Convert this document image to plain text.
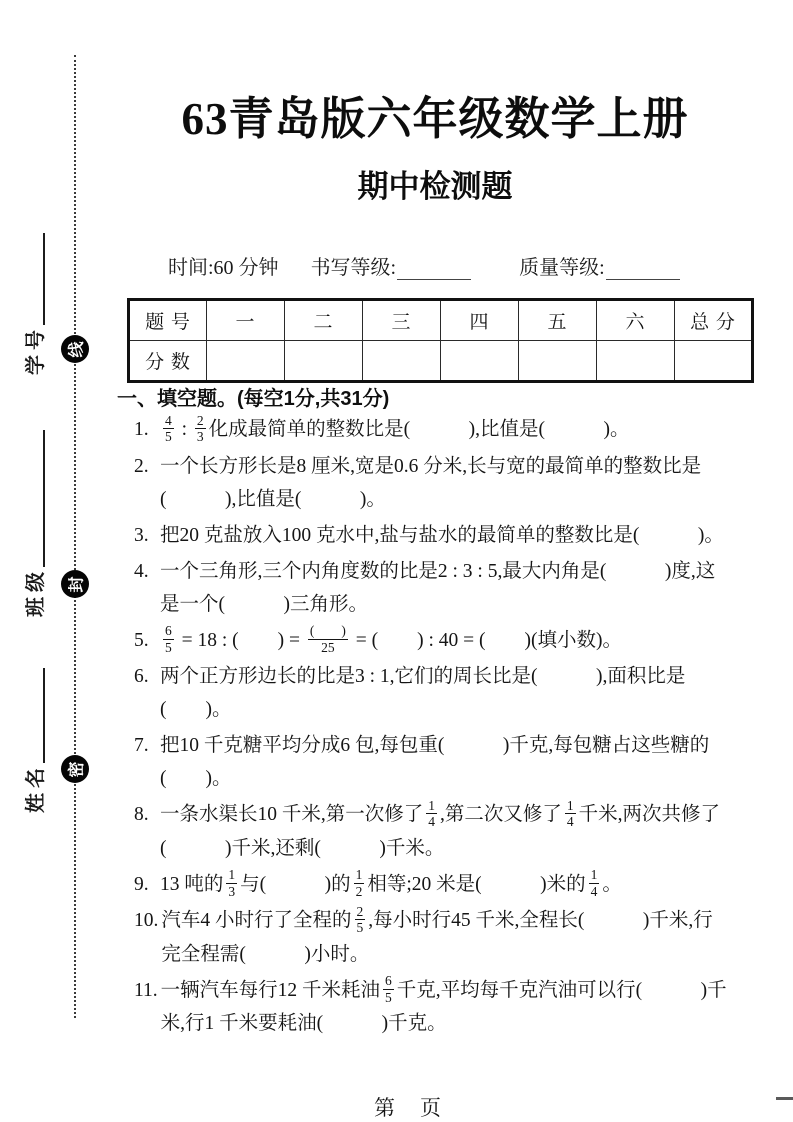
学号
班级
姓名
线
封
密
63青岛版六年级数学上册
期中检测题
时间:60 分钟 书写等级:	质量等级:
题 号	一	二	三	四	五	六	总 分
分 数							
一、填空题。(每空1分,共31分)
1.	$\frac{4}{5}$ : $\frac{2}{3}$ 化成最简单的整数比是(　　　),比值是(　　　)。
2. 一个长方形长是8 厘米,宽是0.6 分米,长与宽的最简单的整数比是
(　　　),比值是(　　　)。
3. 把20 克盐放入100 克水中,盐与盐水的最简单的整数比是(　　　)。
4. 一个三角形,三个内角度数的比是2 : 3 : 5,最大内角是(　　　)度,这
是一个(　　　)三角形。
5.	$\frac{6}{5} = 18$ : (　　) = $\frac{( )}{25}$ = (　　) : 40 = (　　)(填小数)。
6. 两个正方形边长的比是3 : 1,它们的周长比是(　　　),面积比是
(　　)。
7. 把10 千克糖平均分成6 包,每包重(　　　)千克,每包糖占这些糖的
(　　)。
8. 一条水渠长10 千米,第一次修了 $\frac{1}{4}$ ,第二次又修了 $\frac{1}{4}$ 千米,两次共修了
(　　　)千米,还剩(　　　)千米。
9. 13 吨的 $\frac{1}{3}$ 与(　　　)的 $\frac{1}{2}$ 相等;20 米是(　　　)米的 $\frac{1}{4}$ 。
10. 汽车4 小时行了全程的 $\frac{2}{5}$ ,每小时行45 千米,全程长(　　　)千米,行
完全程需(　　　)小时。
11. 一辆汽车每行12 千米耗油 $\frac{6}{5}$ 千克,平均每千克汽油可以行(　　　)千
米,行1 千米要耗油(　　　)千克。
第　页
